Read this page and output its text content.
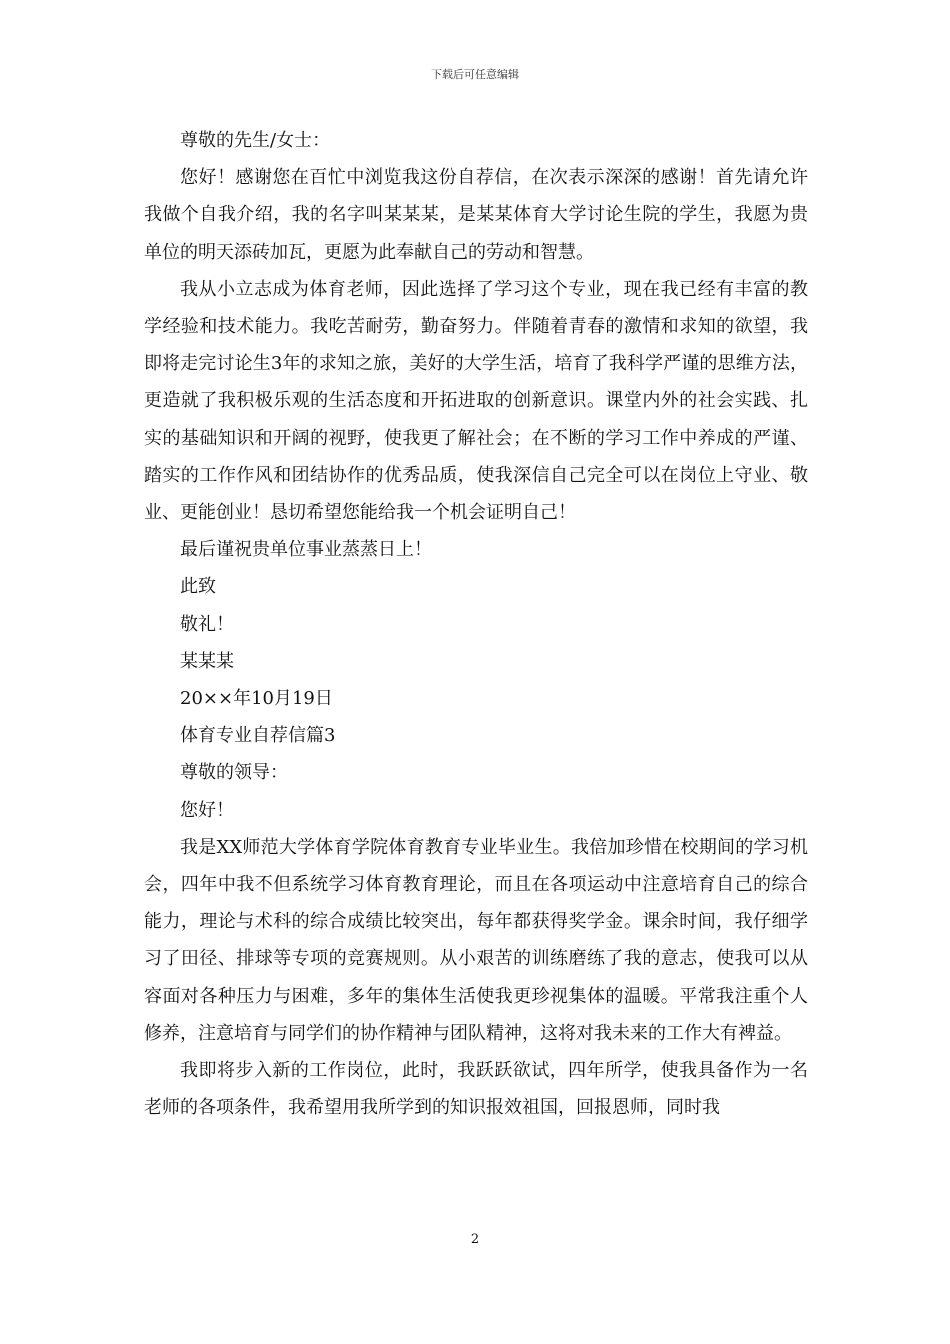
下载后可任意编辑

尊敬的先生/女士：

您好！感谢您在百忙中浏览我这份自荐信，在次表示深深的感谢！首先请允许我做个自我介绍，我的名字叫某某某，是某某体育大学讨论生院的学生，我愿为贵单位的明天添砖加瓦，更愿为此奉献自己的劳动和智慧。

我从小立志成为体育老师，因此选择了学习这个专业，现在我已经有丰富的教学经验和技术能力。我吃苦耐劳，勤奋努力。伴随着青春的激情和求知的欲望，我即将走完讨论生3年的求知之旅，美好的大学生活，培育了我科学严谨的思维方法，更造就了我积极乐观的生活态度和开拓进取的创新意识。课堂内外的社会实践、扎实的基础知识和开阔的视野，使我更了解社会；在不断的学习工作中养成的严谨、踏实的工作作风和团结协作的优秀品质，使我深信自己完全可以在岗位上守业、敬业、更能创业！恳切希望您能给我一个机会证明自己！

最后谨祝贵单位事业蒸蒸日上！

此致

敬礼！

某某某

20××年10月19日

体育专业自荐信篇3

尊敬的领导：

您好！

我是XX师范大学体育学院体育教育专业毕业生。我倍加珍惜在校期间的学习机会，四年中我不但系统学习体育教育理论，而且在各项运动中注意培育自己的综合能力，理论与术科的综合成绩比较突出，每年都获得奖学金。课余时间，我仔细学习了田径、排球等专项的竞赛规则。从小艰苦的训练磨练了我的意志，使我可以从容面对各种压力与困难，多年的集体生活使我更珍视集体的温暖。平常我注重个人修养，注意培育与同学们的协作精神与团队精神，这将对我未来的工作大有裨益。

我即将步入新的工作岗位，此时，我跃跃欲试，四年所学，使我具备作为一名老师的各项条件，我希望用我所学到的知识报效祖国，回报恩师，同时我

2
